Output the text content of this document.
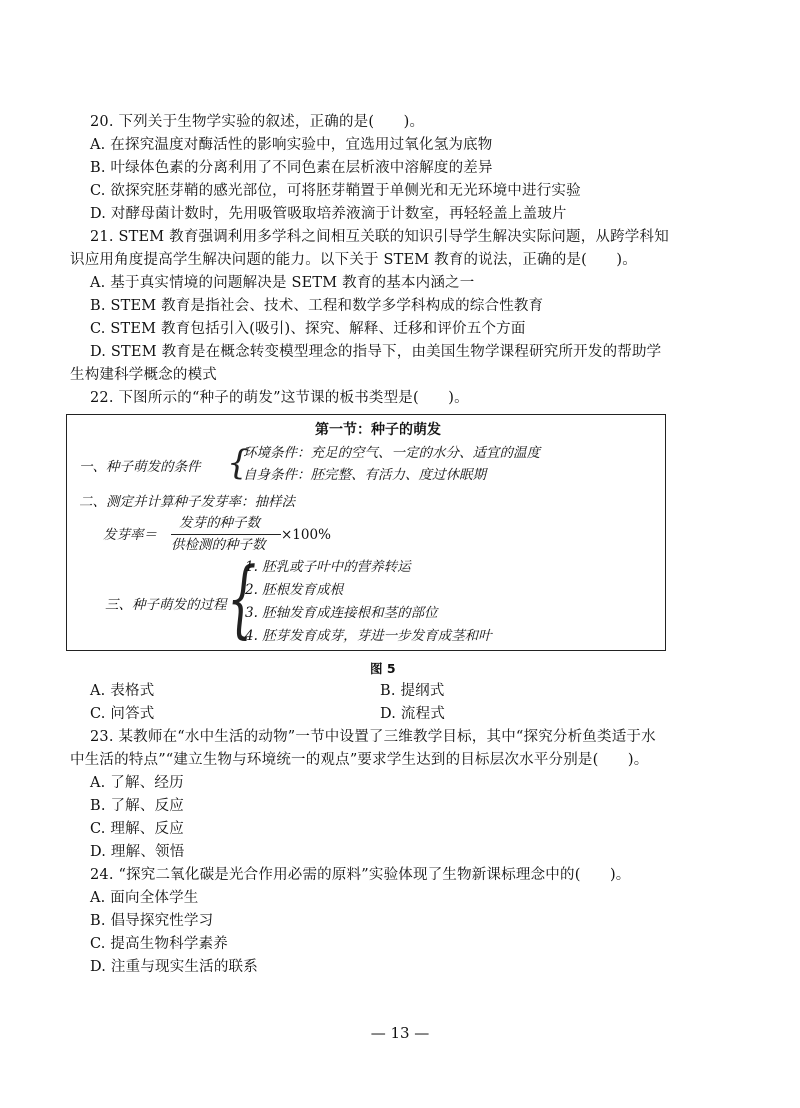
20. 下列关于生物学实验的叙述，正确的是(　　)。
A. 在探究温度对酶活性的影响实验中，宜选用过氧化氢为底物
B. 叶绿体色素的分离利用了不同色素在层析液中溶解度的差异
C. 欲探究胚芽鞘的感光部位，可将胚芽鞘置于单侧光和无光环境中进行实验
D. 对酵母菌计数时，先用吸管吸取培养液滴于计数室，再轻轻盖上盖玻片
21. STEM 教育强调利用多学科之间相互关联的知识引导学生解决实际问题，从跨学科知
识应用角度提高学生解决问题的能力。以下关于 STEM 教育的说法，正确的是(　　)。
A. 基于真实情境的问题解决是 SETM 教育的基本内涵之一
B. STEM 教育是指社会、技术、工程和数学多学科构成的综合性教育
C. STEM 教育包括引入(吸引)、探究、解释、迁移和评价五个方面
D. STEM 教育是在概念转变模型理念的指导下，由美国生物学课程研究所开发的帮助学
生构建科学概念的模式
22. 下图所示的“种子的萌发”这节课的板书类型是(　　)。
第一节：种子的萌发
一、种子萌发的条件 {
环境条件：充足的空气、一定的水分、适宜的温度
自身条件：胚完整、有活力、度过休眠期
二、测定并计算种子发芽率：抽样法
发芽率＝
发芽的种子数
供检测的种子数
×100%
三、种子萌发的过程 {
1. 胚乳或子叶中的营养转运
2. 胚根发育成根
3. 胚轴发育成连接根和茎的部位
4. 胚芽发育成芽，芽进一步发育成茎和叶
图 5
A. 表格式	B. 提纲式
C. 问答式	D. 流程式
23. 某教师在“水中生活的动物”一节中设置了三维教学目标，其中“探究分析鱼类适于水
中生活的特点”“建立生物与环境统一的观点”要求学生达到的目标层次水平分别是(　　)。
A. 了解、经历
B. 了解、反应
C. 理解、反应
D. 理解、领悟
24. “探究二氧化碳是光合作用必需的原料”实验体现了生物新课标理念中的(　　)。
A. 面向全体学生
B. 倡导探究性学习
C. 提高生物科学素养
D. 注重与现实生活的联系
— 13 —
